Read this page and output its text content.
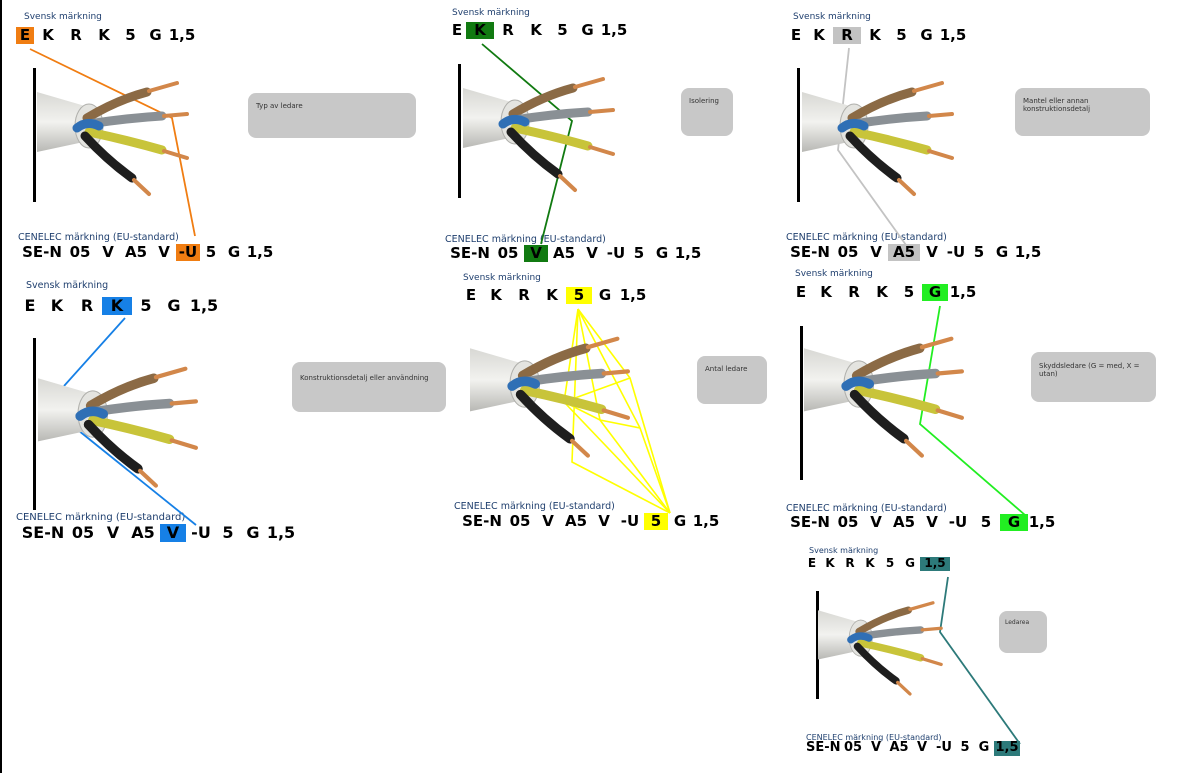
Svensk märkning
E K	R	K	5 G 1,5
Typ av ledare
CENELEC märkning (EU-standard)
SE-N 05 V A5 V -U 5 G 1,5
Svensk märkning
E K	R	K	5 G 1,5
Isolering
CENELEC märkning (EU-standard)
SE-N 05 V A5 V -U 5 G 1,5
Svensk märkning
E K	R	K	5 G 1,5
Mantel eller annan konstruktionsdetalj
CENELEC märkning (EU-standard)
SE-N 05 V A5 V -U 5 G 1,5
Svensk märkning
E K	R	K	5 G 1,5
Konstruktionsdetalj eller användning
CENELEC märkning (EU-standard)
SE-N 05 V A5 V -U 5 G 1,5
Svensk märkning
E K	R	K	5 G 1,5
Antal ledare
CENELEC märkning (EU-standard)
SE-N 05 V A5 V -U 5 G 1,5
Svensk märkning
E K	R	K	5 G 1,5
Skyddsledare (G = med, X = utan)
CENELEC märkning (EU-standard)
SE-N 05 V A5 V -U 5	G 1,5
Svensk märkning
E K R K 5 G 1,5
Ledarea
CENELEC märkning (EU-standard)
SE-N 05 V A5 V -U 5 G 1,5
